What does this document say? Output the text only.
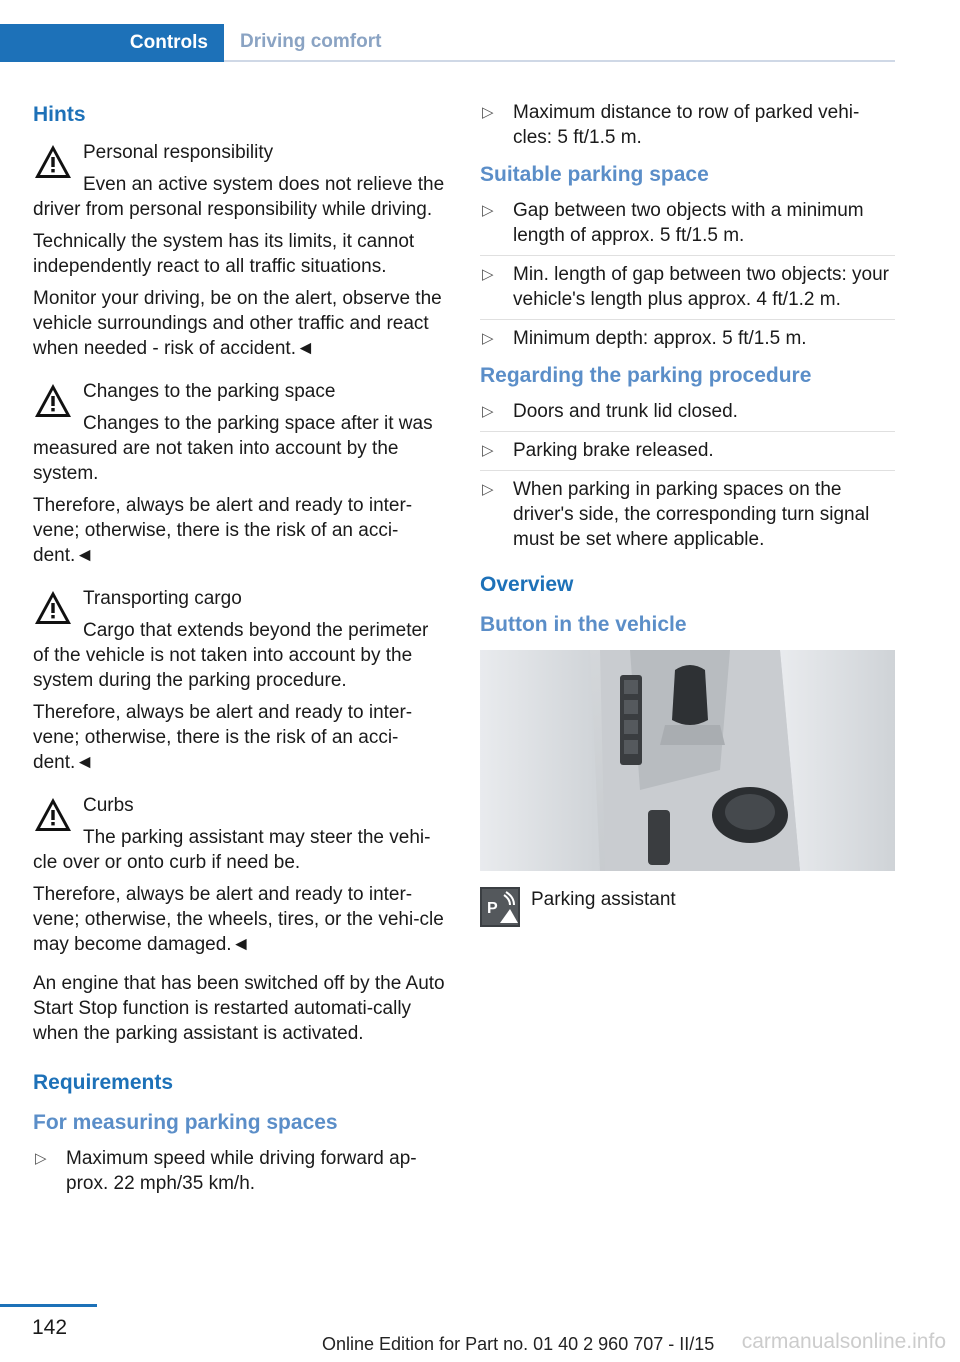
Controls	Driving comfort
Hints

Personal responsibility

Even an active system does not relieve the driver from personal responsibility while driving.

Technically the system has its limits, it cannot independently react to all traffic situations.

Monitor your driving, be on the alert, observe the vehicle surroundings and other traffic and react when needed - risk of accident.◄

Changes to the parking space

Changes to the parking space after it was measured are not taken into account by the system.

Therefore, always be alert and ready to inter‐vene; otherwise, there is the risk of an acci‐dent.◄

Transporting cargo

Cargo that extends beyond the perimeter of the vehicle is not taken into account by the system during the parking procedure.

Therefore, always be alert and ready to inter‐vene; otherwise, there is the risk of an acci‐dent.◄

Curbs

The parking assistant may steer the vehi‐cle over or onto curb if need be.

Therefore, always be alert and ready to inter‐vene; otherwise, the wheels, tires, or the vehi‐cle may become damaged.◄

An engine that has been switched off by the Auto Start Stop function is restarted automati‐cally when the parking assistant is activated.

Requirements
For measuring parking spaces
▷ Maximum speed while driving forward ap‐prox. 22 mph/35 km/h.
▷ Maximum distance to row of parked vehi‐cles: 5 ft/1.5 m.
Suitable parking space
▷ Gap between two objects with a minimum length of approx. 5 ft/1.5 m.
▷ Min. length of gap between two objects: your vehicle's length plus approx. 4 ft/1.2 m.
▷ Minimum depth: approx. 5 ft/1.5 m.
Regarding the parking procedure
▷ Doors and trunk lid closed.
▷ Parking brake released.
▷ When parking in parking spaces on the driver's side, the corresponding turn signal must be set where applicable.
Overview
Button in the vehicle
P Parking assistant
142
Online Edition for Part no. 01 40 2 960 707 - II/15 carmanualsonline.info
